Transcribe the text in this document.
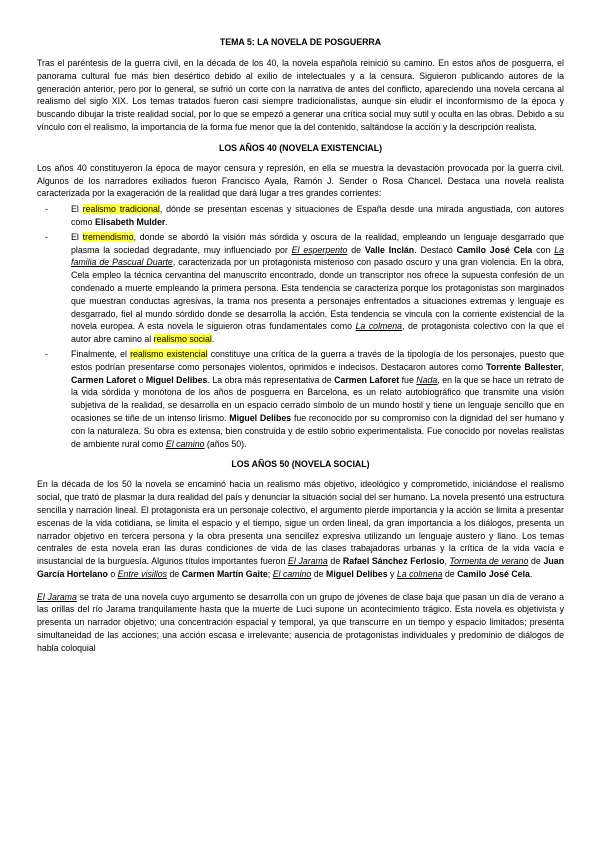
TEMA 5: LA NOVELA DE POSGUERRA

Tras el paréntesis de la guerra civil, en la década de los 40, la novela española reinició su camino. En estos años de posguerra, el panorama cultural fue más bien desértico debido al exilio de intelectuales y a la censura. Siguieron publicando autores de la generación anterior, pero por lo general, se sufrió un corte con la narrativa de antes del conflicto, apareciendo una novela cercana al realismo del siglo XIX. Los temas tratados fueron casi siempre tradicionalistas, aunque sin eludir el inconformismo de la época y buscando dibujar la triste realidad social, por lo que se empezó a generar una crítica social muy sutil y oculta en las obras. Debido a su vínculo con el realismo, la importancia de la forma fue menor que la del contenido, saltándose la acción y la descripción realista.

LOS AÑOS 40 (NOVELA EXISTENCIAL)

Los años 40 constituyeron la época de mayor censura y represión, en ella se muestra la devastación provocada por la guerra civil. Algunos de los narradores exiliados fueron Francisco Ayala, Ramón J. Sender o Rosa Chancel. Destaca una novela realista caracterizada por la exageración de la realidad que dará lugar a tres grandes corrientes:

- El realismo tradicional, dónde se presentan escenas y situaciones de España desde una mirada angustiada, con autores como Elisabeth Mulder.
- El tremendismo, donde se abordó la visión más sórdida y oscura de la realidad, empleando un lenguaje desgarrado que plasma la sociedad degradante, muy influenciado por El esperpento de Valle Inclán. Destacó Camilo José Cela con La familia de Pascual Duarte, caracterizada por un protagonista misterioso con pasado oscuro y una gran violencia. En la obra, Cela empleo la técnica cervantina del manuscrito encontrado, donde un transcriptor nos ofrece la supuesta confesión de un condenado a muerte empleando la primera persona. Esta tendencia se caracteriza porque los protagonistas son marginados que muestran conductas agresivas, la trama nos presenta a personajes enfrentados a situaciones extremas y lenguaje es desgarrado, fiel al mundo sórdido donde se desarrolla la acción. Esta tendencia se vincula con la corriente existencial de la novela europea. A esta novela le siguieron otras fundamentales como La colmena, de protagonista colectivo con la que el autor abre camino al realismo social.
- Finalmente, el realismo existencial constituye una crítica de la guerra a través de la tipología de los personajes, puesto que estos podrían presentarse como personajes violentos, oprimidos e indecisos. Destacaron autores como Torrente Ballester, Carmen Laforet o Miguel Delibes. La obra más representativa de Carmen Laforet fue Nada, en la que se hace un retrato de la vida sórdida y monótona de los años de posguerra en Barcelona, es un relato autobiográfico que transmite una visión subjetiva de la realidad, se desarrolla en un espacio cerrado símbolo de un mundo hostil y tiene un lenguaje sencillo que en ocasiones se tiñe de un intenso lirismo. Miguel Delibes fue reconocido por su compromiso con la dignidad del ser humano y con la naturaleza. Su obra es extensa, bien construida y de estilo sobrio experimentalista. Fue conocido por novelas realistas de ambiente rural como El camino (años 50).
LOS AÑOS 50 (NOVELA SOCIAL)

En la década de los 50 la novela se encaminó hacia un realismo más objetivo, ideológico y comprometido, iniciándose el realismo social, que trató de plasmar la dura realidad del país y denunciar la situación social del ser humano. La novela presentó una estructura sencilla y narración lineal. El protagonista era un personaje colectivo, el argumento pierde importancia y la acción se limita a presentar escenas de la vida cotidiana, se limita el espacio y el tiempo, sigue un orden lineal, da gran importancia a los diálogos, presenta un narrador objetivo en tercera persona y la obra presenta una sencillez expresiva utilizando un lenguaje austero y llano. Los temas centrales de esta novela eran las duras condiciones de vida de las clases trabajadoras urbanas y la crítica de la vida vacía e insustancial de la burguesía. Algunos títulos importantes fueron El Jarama de Rafael Sánchez Ferlosio, Tormenta de verano de Juan García Hortelano o Entre visillos de Carmen Martín Gaite; El camino de Miguel Delibes y La colmena de Camilo José Cela.

El Jarama se trata de una novela cuyo argumento se desarrolla con un grupo de jóvenes de clase baja que pasan un día de verano a las orillas del río Jarama tranquilamente hasta que la muerte de Luci supone un acontecimiento trágico. Esta novela es objetivista y presenta un narrador objetivo; una concentración espacial y temporal, ya que transcurre en un tiempo y espacio limitados; presenta simultaneidad de las acciones; una acción escasa e irrelevante; ausencia de protagonistas individuales y predominio de diálogos de habla coloquial
